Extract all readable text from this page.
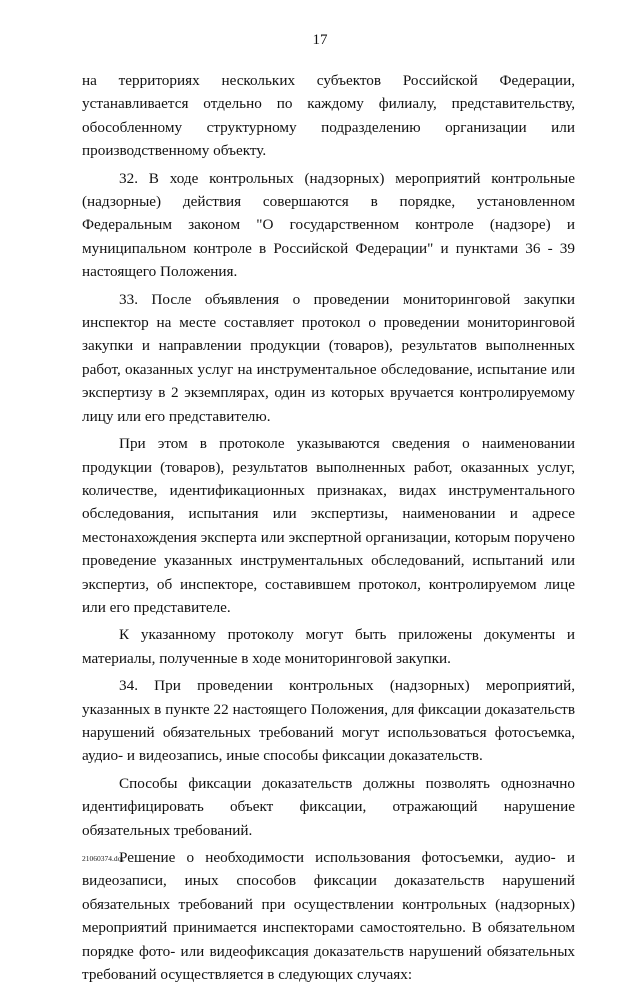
17

на территориях нескольких субъектов Российской Федерации, устанавливается отдельно по каждому филиалу, представительству, обособленному структурному подразделению организации или производственному объекту.

32. В ходе контрольных (надзорных) мероприятий контрольные (надзорные) действия совершаются в порядке, установленном Федеральным законом "О государственном контроле (надзоре) и муниципальном контроле в Российской Федерации" и пунктами 36 - 39 настоящего Положения.

33. После объявления о проведении мониторинговой закупки инспектор на месте составляет протокол о проведении мониторинговой закупки и направлении продукции (товаров), результатов выполненных работ, оказанных услуг на инструментальное обследование, испытание или экспертизу в 2 экземплярах, один из которых вручается контролируемому лицу или его представителю.

При этом в протоколе указываются сведения о наименовании продукции (товаров), результатов выполненных работ, оказанных услуг, количестве, идентификационных признаках, видах инструментального обследования, испытания или экспертизы, наименовании и адресе местонахождения эксперта или экспертной организации, которым поручено проведение указанных инструментальных обследований, испытаний или экспертиз, об инспекторе, составившем протокол, контролируемом лице или его представителе.

К указанному протоколу могут быть приложены документы и материалы, полученные в ходе мониторинговой закупки.

34. При проведении контрольных (надзорных) мероприятий, указанных в пункте 22 настоящего Положения, для фиксации доказательств нарушений обязательных требований могут использоваться фотосъемка, аудио- и видеозапись, иные способы фиксации доказательств.

Способы фиксации доказательств должны позволять однозначно идентифицировать объект фиксации, отражающий нарушение обязательных требований.

Решение о необходимости использования фотосъемки, аудио- и видеозаписи, иных способов фиксации доказательств нарушений обязательных требований при осуществлении контрольных (надзорных) мероприятий принимается инспекторами самостоятельно. В обязательном порядке фото- или видеофиксация доказательств нарушений обязательных требований осуществляется в следующих случаях:

21060374.doc
